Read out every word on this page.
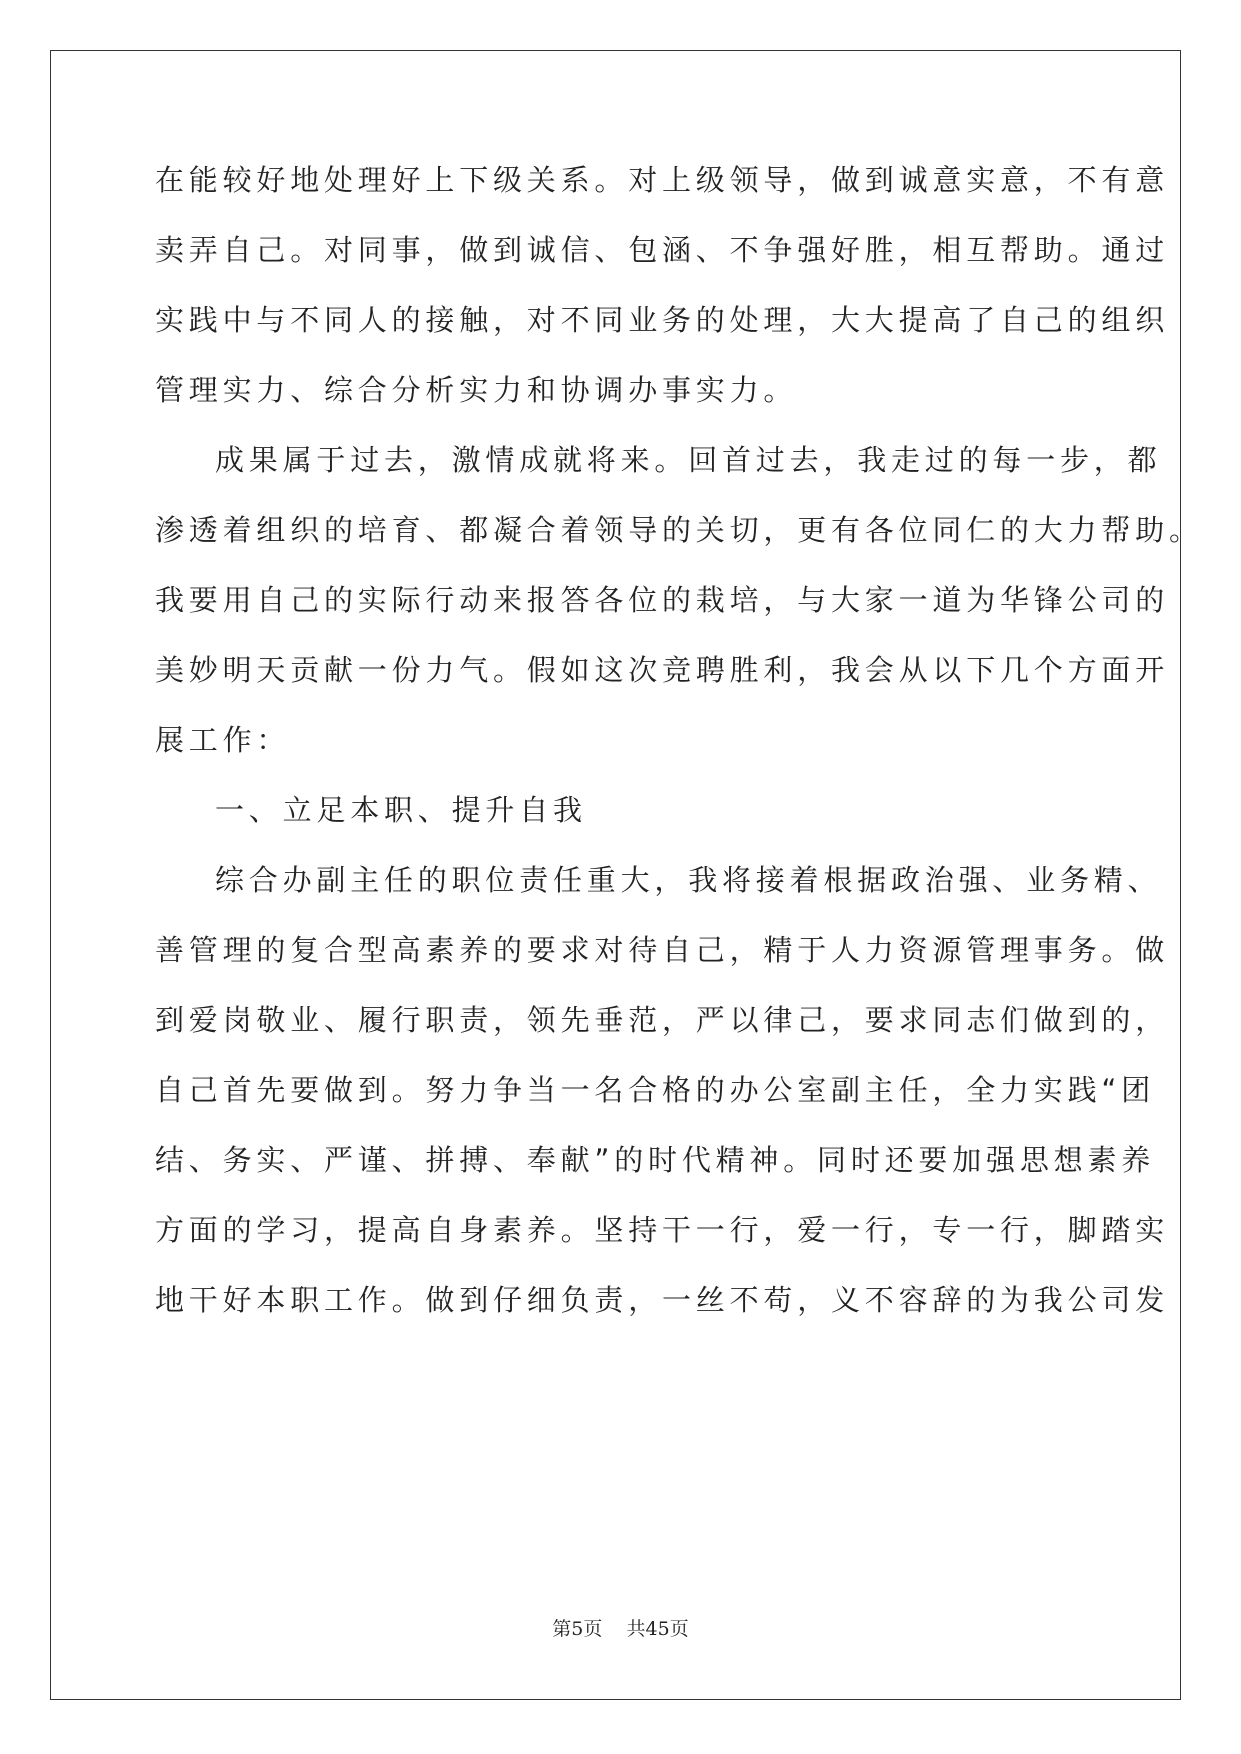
在能较好地处理好上下级关系。对上级领导，做到诚意实意，不有意
卖弄自己。对同事，做到诚信、包涵、不争强好胜，相互帮助。通过
实践中与不同人的接触，对不同业务的处理，大大提高了自己的组织
管理实力、综合分析实力和协调办事实力。
成果属于过去，激情成就将来。回首过去，我走过的每一步，都
渗透着组织的培育、都凝合着领导的关切，更有各位同仁的大力帮助。
我要用自己的实际行动来报答各位的栽培，与大家一道为华锋公司的
美妙明天贡献一份力气。假如这次竞聘胜利，我会从以下几个方面开
展工作：
一、立足本职、提升自我
综合办副主任的职位责任重大，我将接着根据政治强、业务精、
善管理的复合型高素养的要求对待自己，精于人力资源管理事务。做
到爱岗敬业、履行职责，领先垂范，严以律己，要求同志们做到的，
自己首先要做到。努力争当一名合格的办公室副主任，全力实践“团
结、务实、严谨、拼搏、奉献”的时代精神。同时还要加强思想素养
方面的学习，提高自身素养。坚持干一行，爱一行，专一行，脚踏实
地干好本职工作。做到仔细负责，一丝不苟，义不容辞的为我公司发
第5页 共45页
